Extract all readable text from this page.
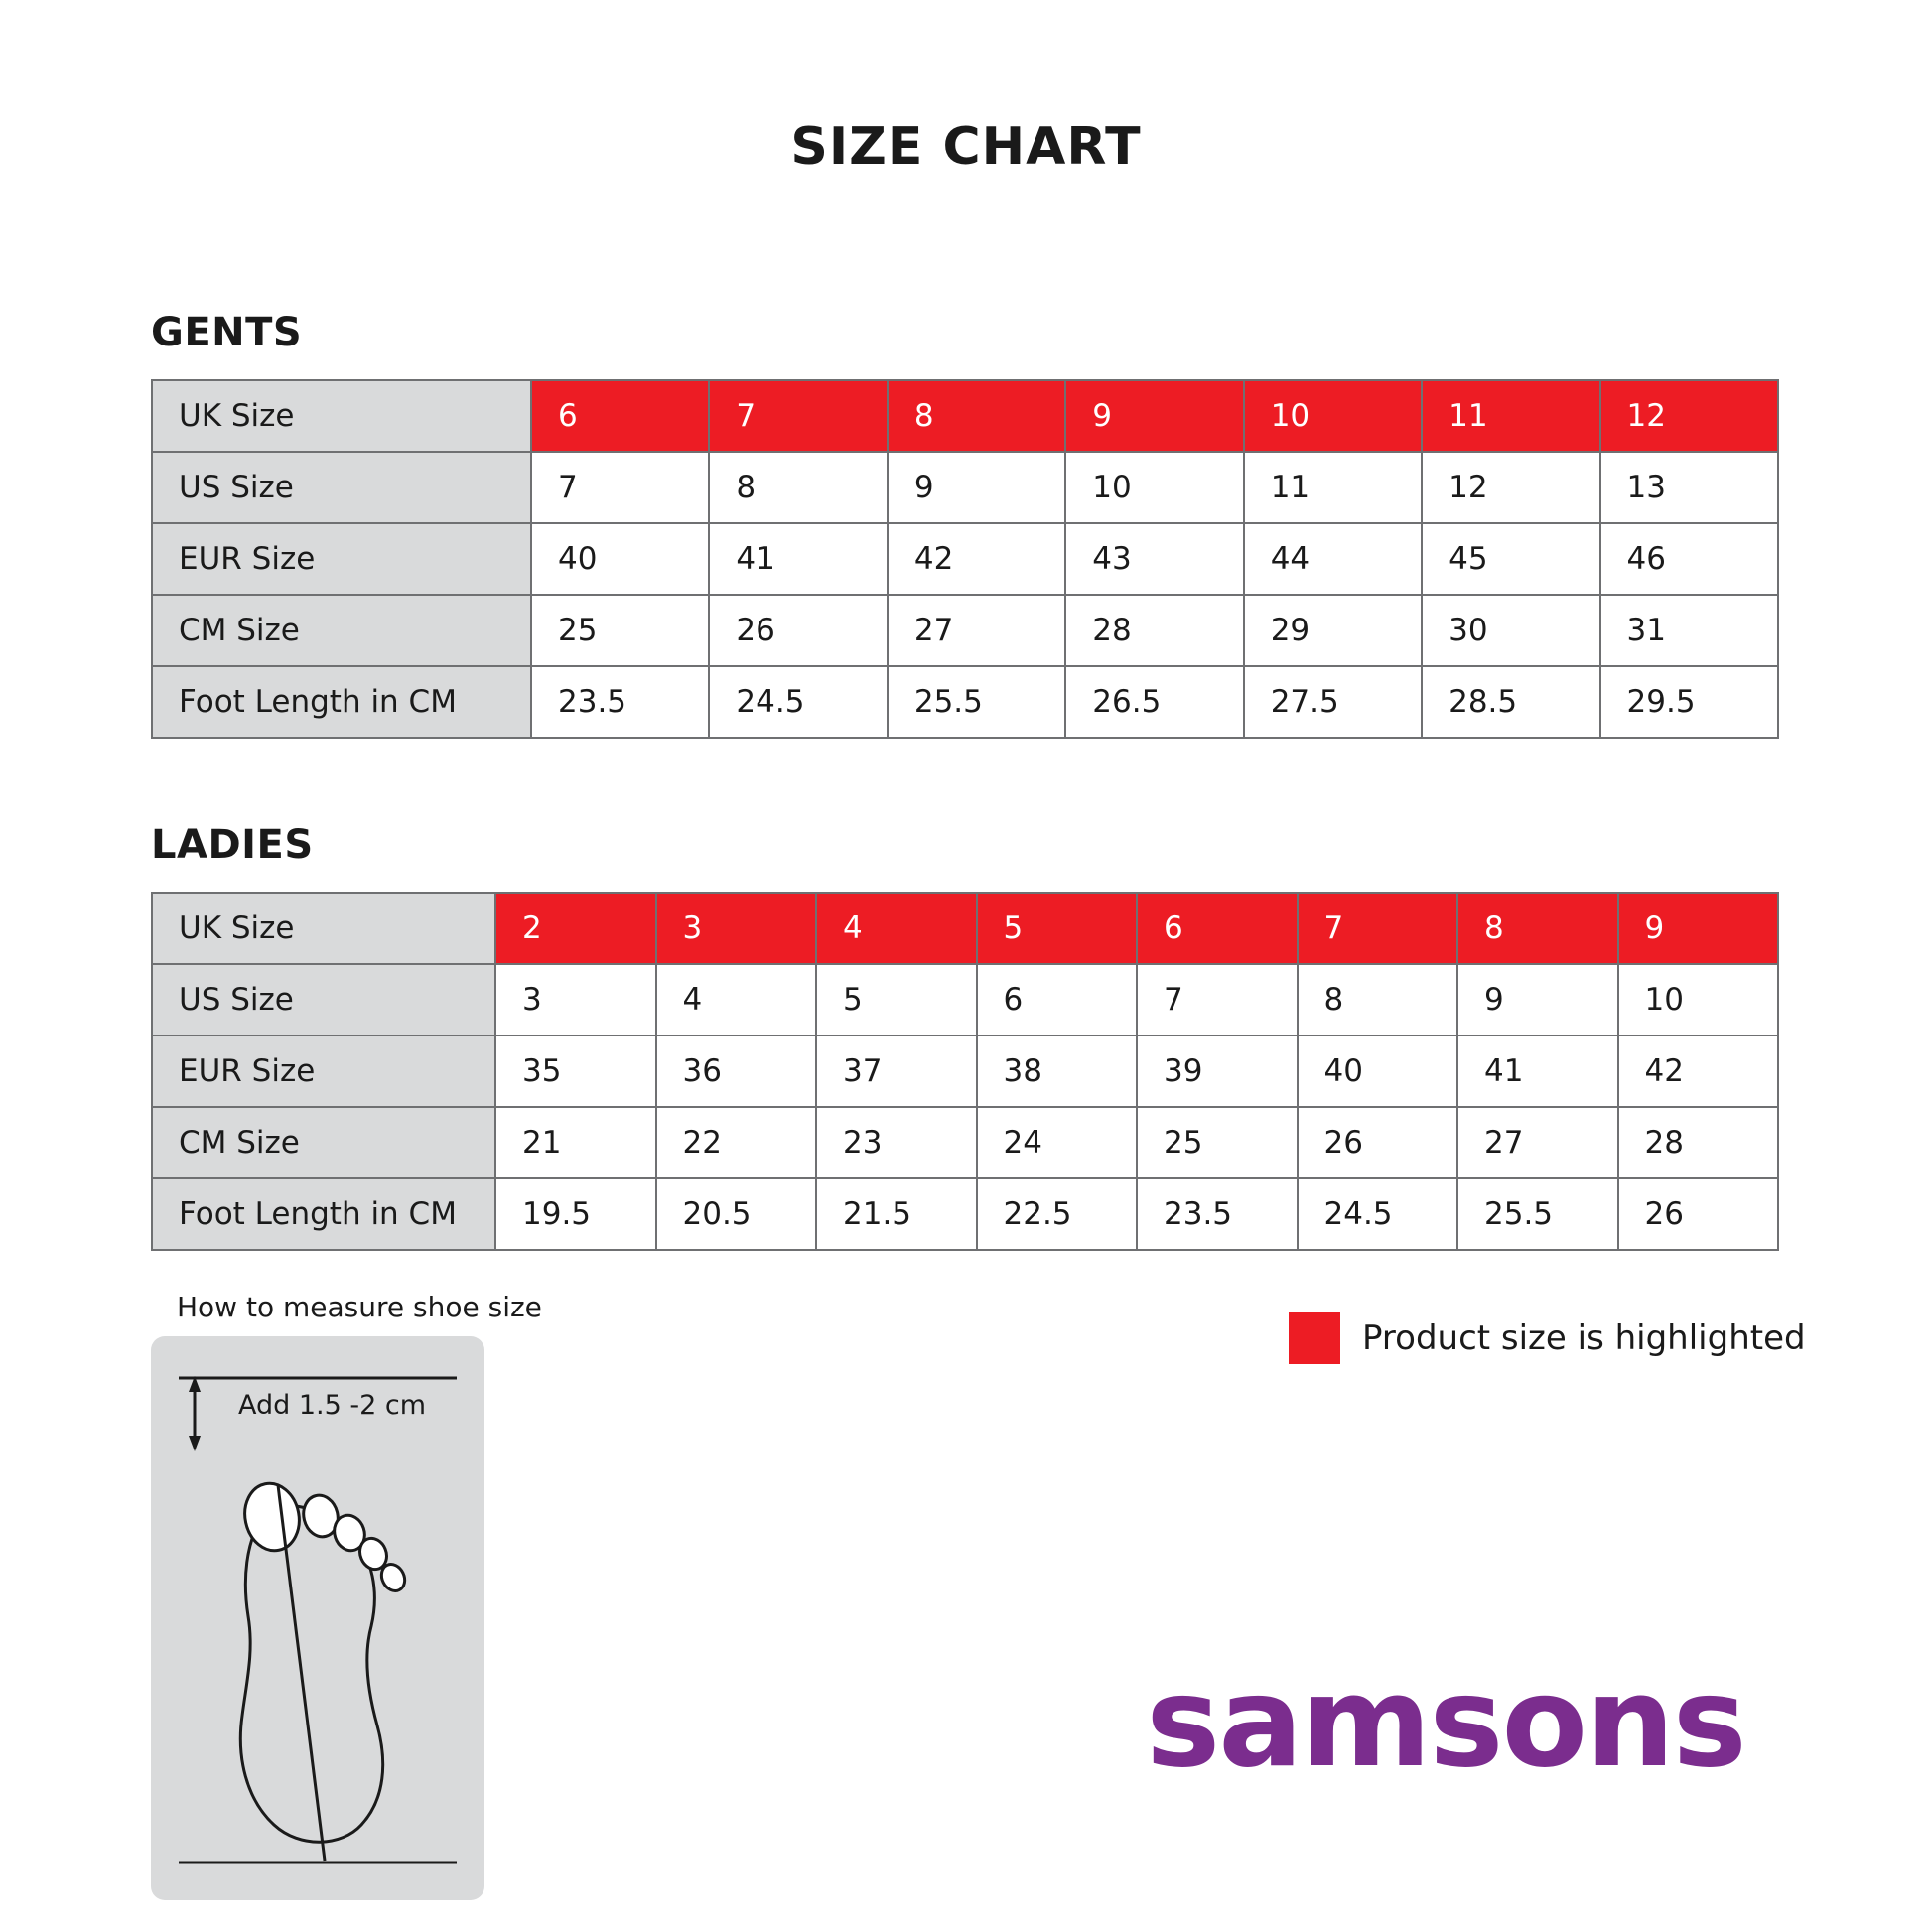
SIZE CHART
GENTS
UK Size	6	7	8	9	10	11	12
US Size	7	8	9	10	11	12	13
EUR Size	40	41	42	43	44	45	46
CM Size	25	26	27	28	29	30	31
Foot Length in CM	23.5	24.5	25.5	26.5	27.5	28.5	29.5
LADIES
UK Size	2	3	4	5	6	7	8	9
US Size	3	4	5	6	7	8	9	10
EUR Size	35	36	37	38	39	40	41	42
CM Size	21	22	23	24	25	26	27	28
Foot Length in CM	19.5	20.5	21.5	22.5	23.5	24.5	25.5	26
How to measure shoe size
Add 1.5 -2 cm
Product size is highlighted
samsons
